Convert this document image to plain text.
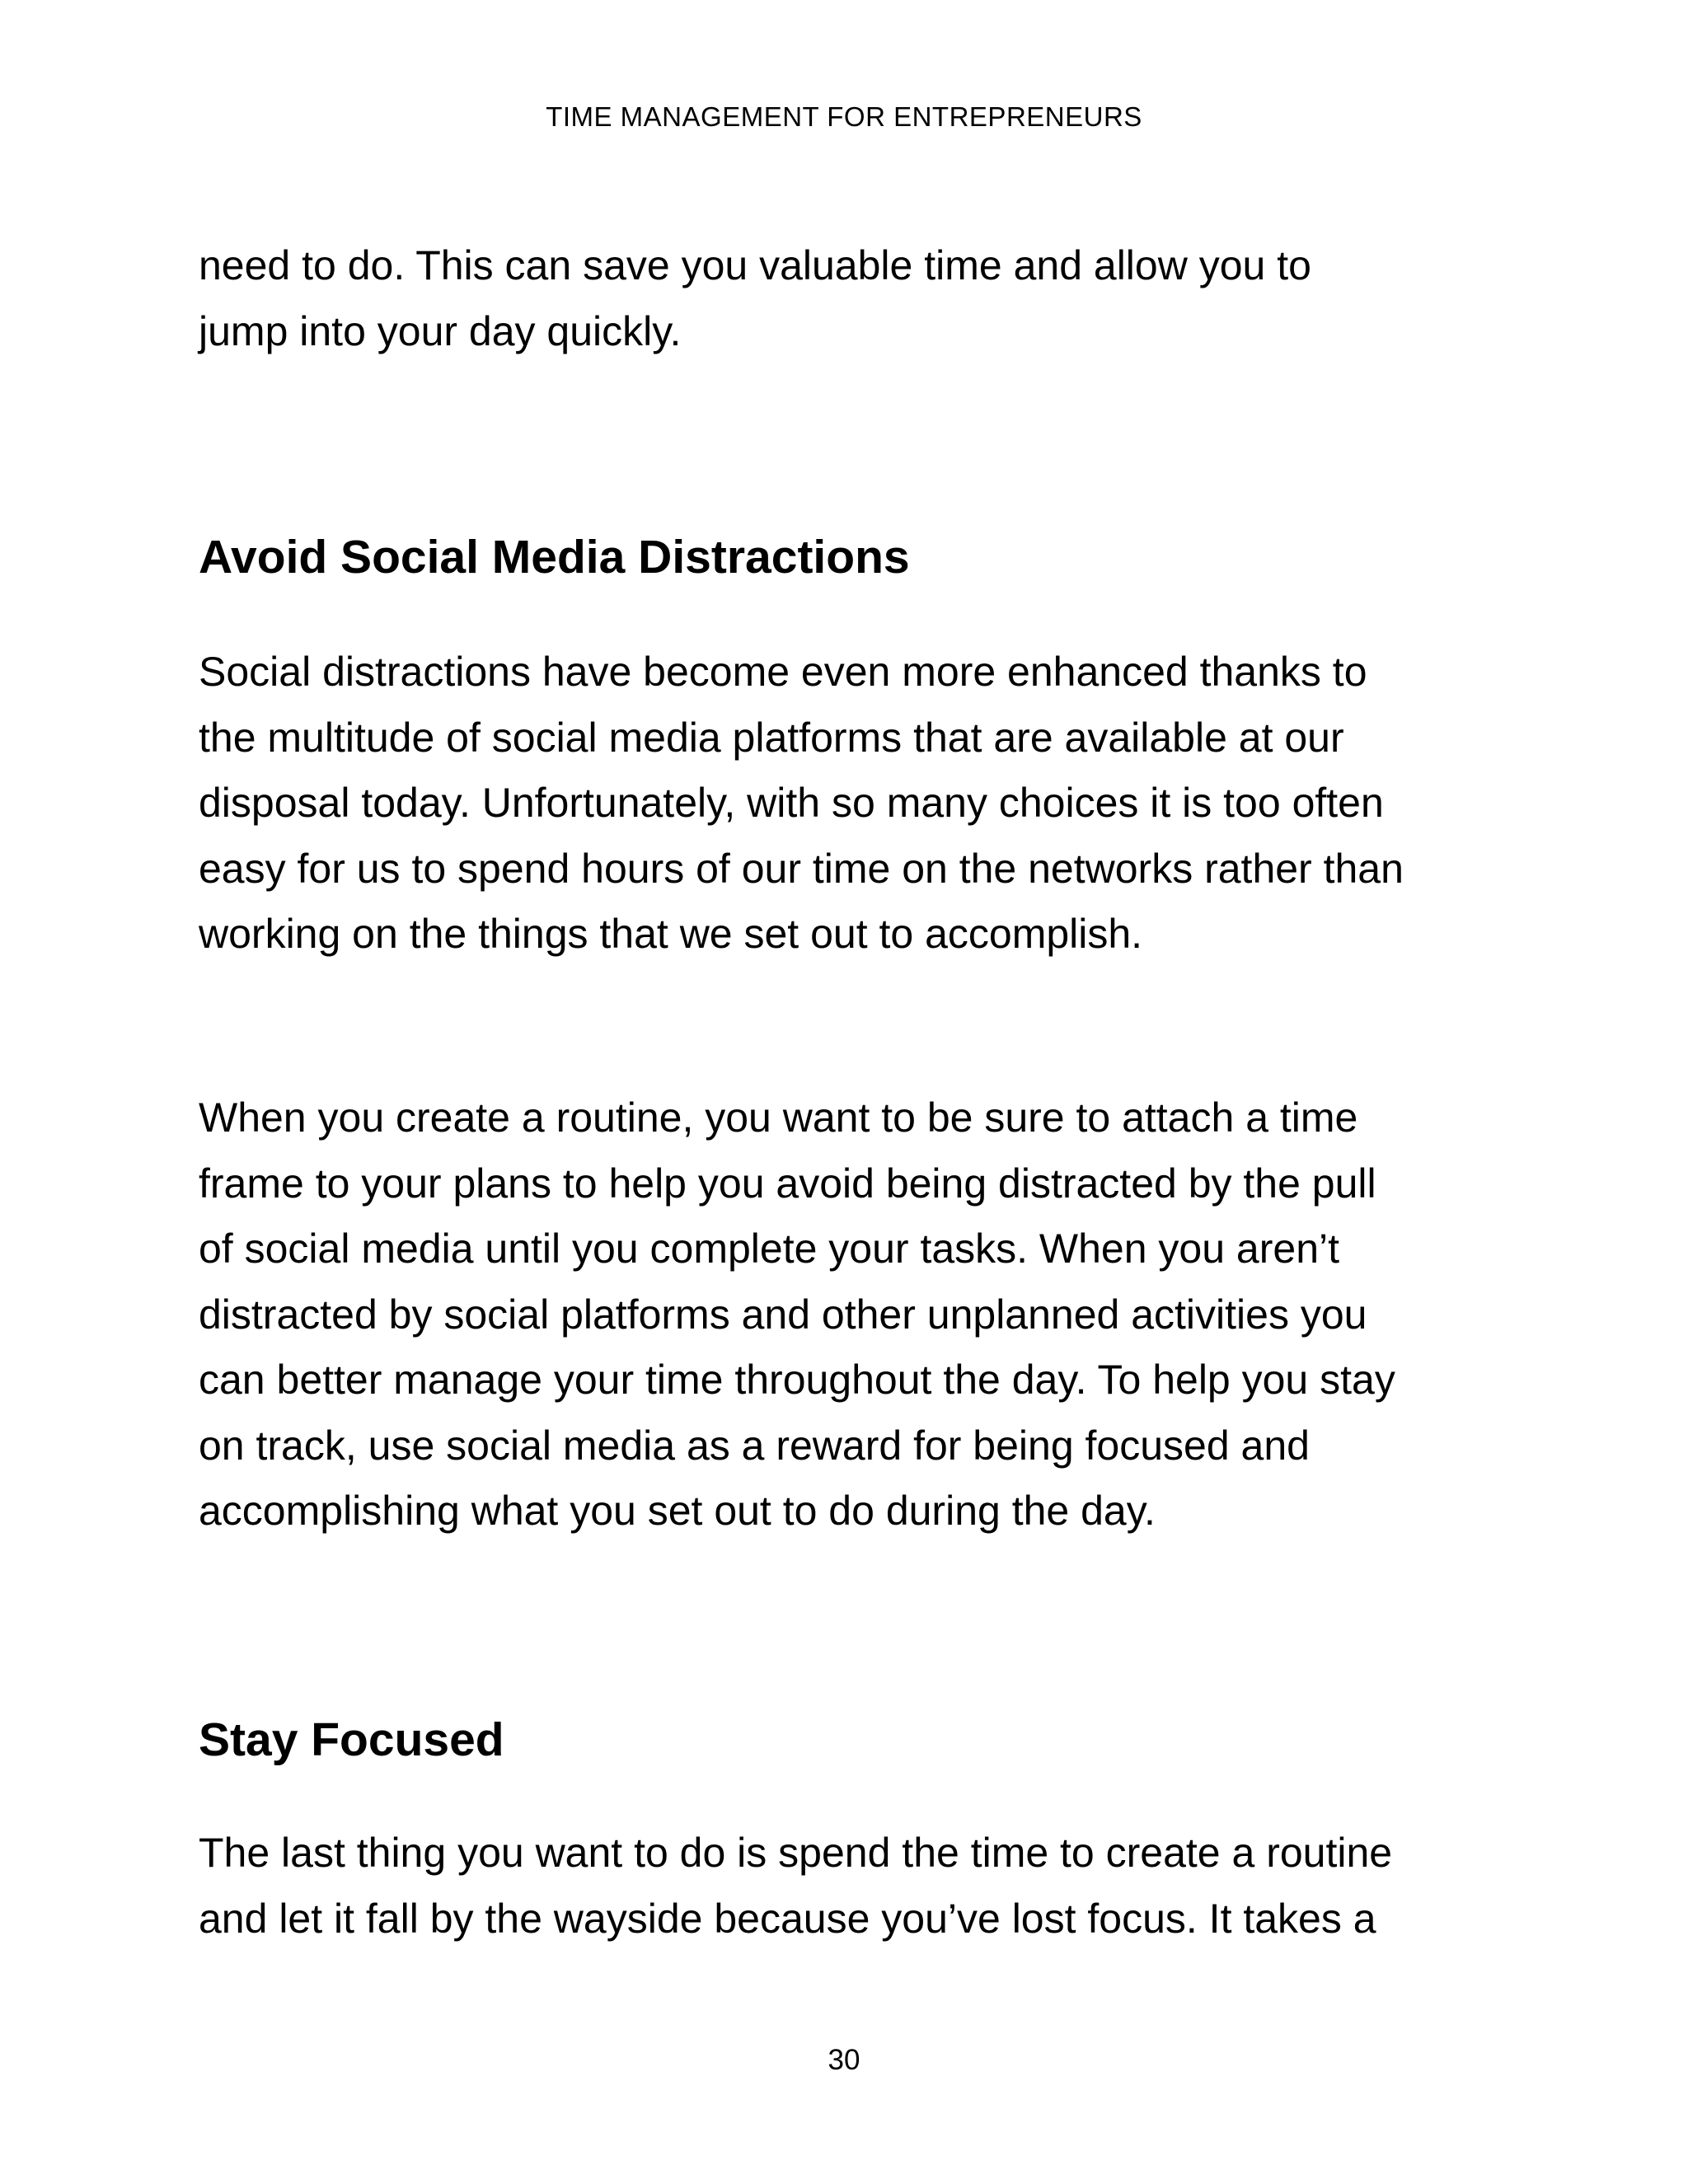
TIME MANAGEMENT FOR ENTREPRENEURS

need to do. This can save you valuable time and allow you to
jump into your day quickly.

Avoid Social Media Distractions

Social distractions have become even more enhanced thanks to
the multitude of social media platforms that are available at our
disposal today. Unfortunately, with so many choices it is too often
easy for us to spend hours of our time on the networks rather than
working on the things that we set out to accomplish.

When you create a routine, you want to be sure to attach a time
frame to your plans to help you avoid being distracted by the pull
of social media until you complete your tasks. When you aren’t
distracted by social platforms and other unplanned activities you
can better manage your time throughout the day. To help you stay
on track, use social media as a reward for being focused and
accomplishing what you set out to do during the day.

Stay Focused

The last thing you want to do is spend the time to create a routine
and let it fall by the wayside because you’ve lost focus. It takes a

30
